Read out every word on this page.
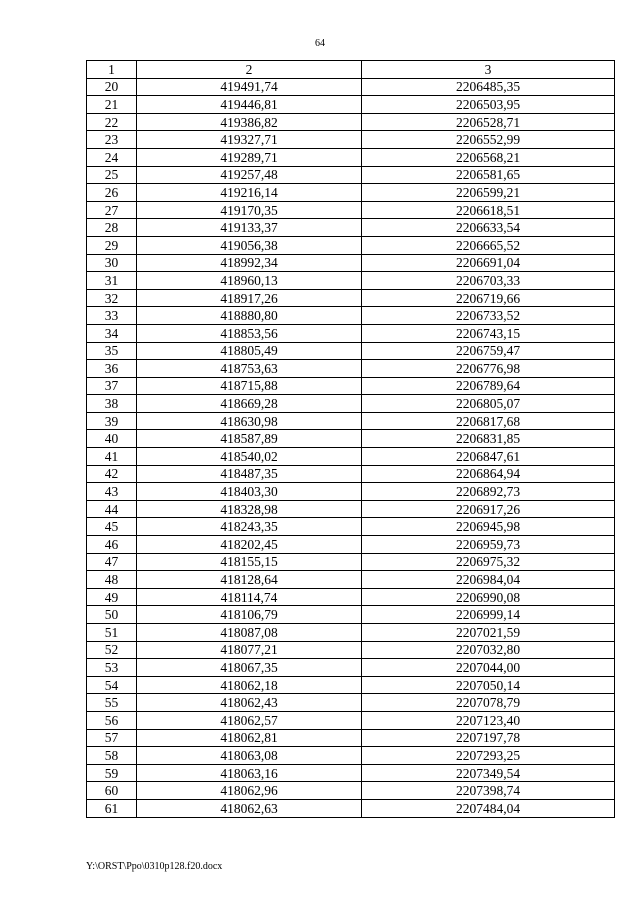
64
1	2	3
20	419491,74	2206485,35
21	419446,81	2206503,95
22	419386,82	2206528,71
23	419327,71	2206552,99
24	419289,71	2206568,21
25	419257,48	2206581,65
26	419216,14	2206599,21
27	419170,35	2206618,51
28	419133,37	2206633,54
29	419056,38	2206665,52
30	418992,34	2206691,04
31	418960,13	2206703,33
32	418917,26	2206719,66
33	418880,80	2206733,52
34	418853,56	2206743,15
35	418805,49	2206759,47
36	418753,63	2206776,98
37	418715,88	2206789,64
38	418669,28	2206805,07
39	418630,98	2206817,68
40	418587,89	2206831,85
41	418540,02	2206847,61
42	418487,35	2206864,94
43	418403,30	2206892,73
44	418328,98	2206917,26
45	418243,35	2206945,98
46	418202,45	2206959,73
47	418155,15	2206975,32
48	418128,64	2206984,04
49	418114,74	2206990,08
50	418106,79	2206999,14
51	418087,08	2207021,59
52	418077,21	2207032,80
53	418067,35	2207044,00
54	418062,18	2207050,14
55	418062,43	2207078,79
56	418062,57	2207123,40
57	418062,81	2207197,78
58	418063,08	2207293,25
59	418063,16	2207349,54
60	418062,96	2207398,74
61	418062,63	2207484,04
Y:\ORST\Ppo\0310p128.f20.docx
